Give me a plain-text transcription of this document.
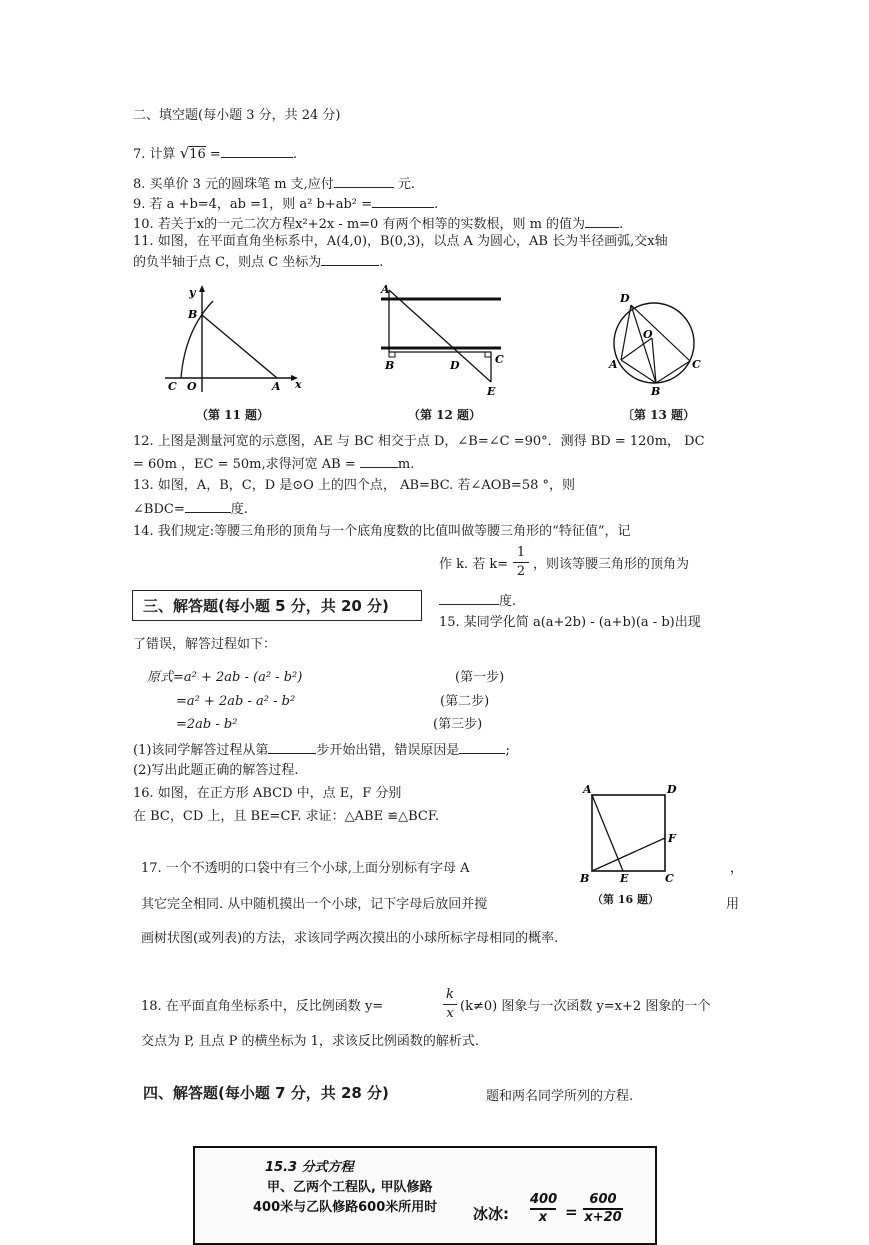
二、填空题(每小题 3 分，共 24 分)
7. 计算 √16 =	.
8. 买单价 3 元的圆珠笔 m 支,应付	元.
9. 若 a +b=4，ab =1，则 a² b+ab² =	.
10. 若关于x的一元二次方程x²+2x - m=0 有两个相等的实数根，则 m 的值为	.
11. 如图，在平面直角坐标系中，A(4,0)，B(0,3)，以点 A 为圆心，AB 长为半径画弧,交x轴
的负半轴于点 C，则点 C 坐标为	.
y
x
B
C O	A
（第 11 题）
A
B	D	C
E
（第 12 题）
D
O
A
B
C
〔第 13 题）
12. 上图是测量河宽的示意图，AE 与 BC 相交于点 D，∠B=∠C =90°．测得 BD = 120m， DC
= 60m ，EC = 50m,求得河宽 AB =	m.
13. 如图，A，B，C，D 是⊙O 上的四个点， AB=BC. 若∠AOB=58 °，则
∠BDC=	度.
14. 我们规定:等腰三角形的顶角与一个底角度数的比值叫做等腰三角形的“特征值”，记
作 k. 若 $k= \frac{1}{2}$ ，则该等腰三角形的顶角为
度.
三、解答题(每小题 5 分，共 20 分)
15. 某同学化简 a(a+2b) - (a+b)(a - b)出现
了错误，解答过程如下：
原式=a² + 2ab - (a² - b²)	(第一步)
=a² + 2ab - a² - b²	(第二步)
=2ab - b²	(第三步)
(1)该同学解答过程从第	步开始出错，错误原因是	;
(2)写出此题正确的解答过程.
16. 如图，在正方形 ABCD 中，点 E，F 分别
在 BC，CD 上，且 BE=CF. 求证：△ABE ≌△BCF.
A	D
F
B	E	C
（第 16 题）
17. 一个不透明的口袋中有三个小球,上面分别标有字母 A	，
其它完全相同. 从中随机摸出一个小球，记下字母后放回并搅	用
画树状图(或列表)的方法，求该同学两次摸出的小球所标字母相同的概率.
18. 在平面直角坐标系中，反比例函数 y=	$\frac{k}{x} (k\ne 0)$ 图象与一次函数 y=x+2 图象的一个
交点为 P, 且点 P 的横坐标为 1，求该反比例函数的解析式.
四、解答题(每小题 7 分，共 28 分)	题和两名同学所列的方程.
15.3 分式方程
甲、乙两个工程队, 甲队修路
400米与乙队修路600米所用时 冰冰: $\frac{400}{x} = \frac{600}{x+20}$
